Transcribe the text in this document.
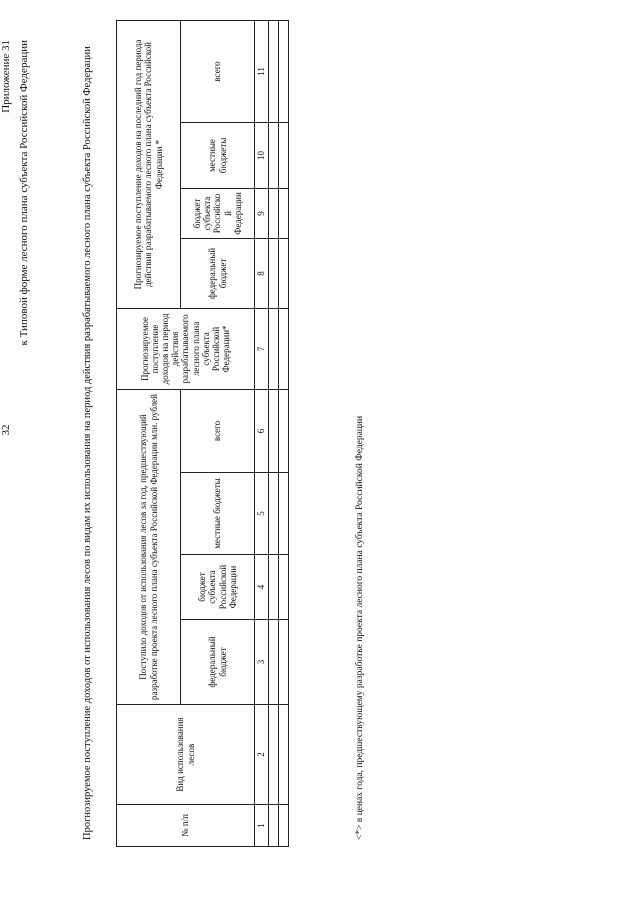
32
Приложение 31 к Типовой форме лесного плана субъекта Российской Федерации	Прогнозируемое поступление доходов от использования лесов по видам их использования на период действия разрабатываемого лесного плана субъекта Российской Федерации	№ п/п	Вид использования лесов	Поступило доходов от использования лесов за год, предшествующий разработке проекта лесного плана субъекта Российской Федерации млн. рублей				Прогнозируемое поступление доходов на период действия разрабатываемого лесного плана субъекта Российской Федерации*	Прогнозируемое поступление доходов на последний год периода действия разрабатываемого лесного плана субъекта Российской Федерации *			
		федеральный бюджет	бюджет субъекта Российской Федерации	местные бюджеты	всего		федеральный бюджет	бюджет субъекта Российской Федерации	местные бюджеты	всего
1	2	3	4	5	6	7	8	9	10	11

<*> в ценах года, предшествующему разработке проекта лесного плана субъекта Российской Федерации
